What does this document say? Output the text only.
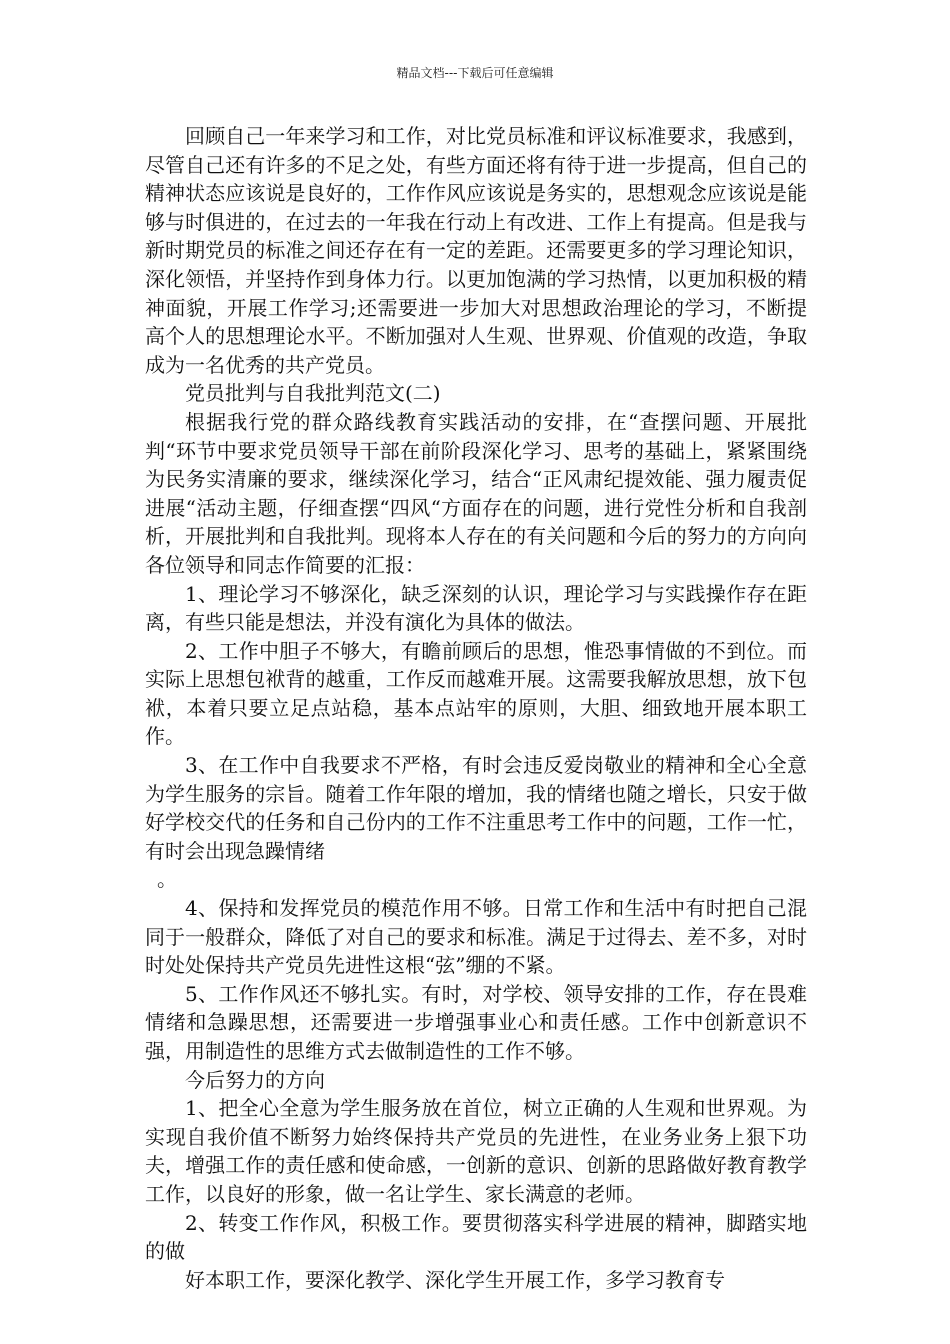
精品文档---下载后可任意编辑

回顾自己一年来学习和工作，对比党员标准和评议标准要求，我感到，尽管自己还有许多的不足之处，有些方面还将有待于进一步提高，但自己的精神状态应该说是良好的，工作作风应该说是务实的，思想观念应该说是能够与时俱进的，在过去的一年我在行动上有改进、工作上有提高。但是我与新时期党员的标准之间还存在有一定的差距。还需要更多的学习理论知识，深化领悟，并坚持作到身体力行。以更加饱满的学习热情，以更加积极的精神面貌，开展工作学习;还需要进一步加大对思想政治理论的学习，不断提高个人的思想理论水平。不断加强对人生观、世界观、价值观的改造，争取成为一名优秀的共产党员。

党员批判与自我批判范文(二)

根据我行党的群众路线教育实践活动的安排，在“查摆问题、开展批判“环节中要求党员领导干部在前阶段深化学习、思考的基础上，紧紧围绕为民务实清廉的要求，继续深化学习，结合“正风肃纪提效能、强力履责促进展“活动主题，仔细查摆“四风“方面存在的问题，进行党性分析和自我剖析，开展批判和自我批判。现将本人存在的有关问题和今后的努力的方向向各位领导和同志作简要的汇报：

1、理论学习不够深化，缺乏深刻的认识，理论学习与实践操作存在距离，有些只能是想法，并没有演化为具体的做法。

2、工作中胆子不够大，有瞻前顾后的思想，惟恐事情做的不到位。而实际上思想包袱背的越重，工作反而越难开展。这需要我解放思想，放下包袱，本着只要立足点站稳，基本点站牢的原则，大胆、细致地开展本职工作。

3、在工作中自我要求不严格，有时会违反爱岗敬业的精神和全心全意为学生服务的宗旨。随着工作年限的增加，我的情绪也随之增长，只安于做好学校交代的任务和自己份内的工作不注重思考工作中的问题，工作一忙，有时会出现急躁情绪

。

4、保持和发挥党员的模范作用不够。日常工作和生活中有时把自己混同于一般群众，降低了对自己的要求和标准。满足于过得去、差不多，对时时处处保持共产党员先进性这根“弦”绷的不紧。

5、工作作风还不够扎实。有时，对学校、领导安排的工作，存在畏难情绪和急躁思想，还需要进一步增强事业心和责任感。工作中创新意识不强，用制造性的思维方式去做制造性的工作不够。

今后努力的方向

1、把全心全意为学生服务放在首位，树立正确的人生观和世界观。为实现自我价值不断努力始终保持共产党员的先进性，在业务业务上狠下功夫，增强工作的责任感和使命感，一创新的意识、创新的思路做好教育教学工作，以良好的形象，做一名让学生、家长满意的老师。

2、转变工作作风，积极工作。要贯彻落实科学进展的精神，脚踏实地的做

好本职工作，要深化教学、深化学生开展工作，多学习教育专
